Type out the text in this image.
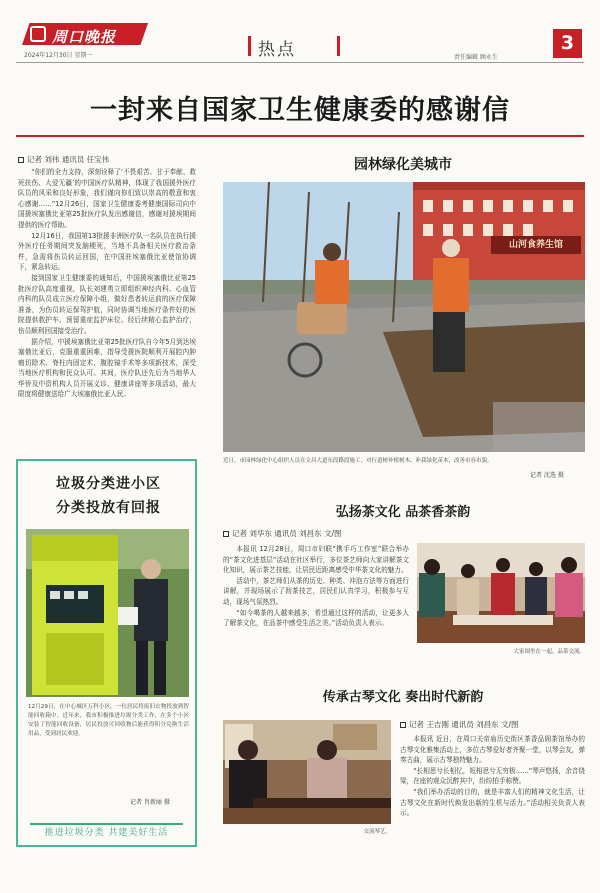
周口晚报
2024年12月30日 星期一	热点	责任编辑 顾永生
3
一封来自国家卫生健康委的感谢信
记者 刘伟 通讯员 任宝伟

“你们的全力支持，深刻诠释了‘不畏艰苦、甘于奉献、救死扶伤、大爱无疆’的中国医疗队精神，体现了我国援外医疗队员的风采和良好形象，我们谨向你们致以崇高的敬意和衷心感谢……”12月26日，国家卫生健康委考健康国际司向中国援埃塞俄比亚第25批医疗队发出感谢信，感谢对援埃期间提供的医疗帮助。

12月16日，我国第13批援非洲医疗队一名队员在执行援外医疗任务期间突发脑梗死，当地不具备相关医疗救治条件，急需将伤员转运回国，在中国驻埃塞俄比亚使馆协调下，紧急转运。

接到国家卫生健康委的通知后，中国援埃塞俄比亚第25批医疗队高度重视，队长刘建勇立即组织神经内科、心血管内科的队员成立医疗保障小组，做好患者转运前的医疗保障准备，为伤员转运保驾护航，同时协调当地医疗条件好的医院提供救护车、预留重症监护床位。经后续精心监护治疗，伤员顺利回国接受治疗。

据介绍，中援埃塞俄比亚第25批医疗队自今年5月到达埃塞俄比亚后，克服重重困难，指导受援医院顺利开展腔内肿瘤切除术、脊柱内固定术、腹腔镜手术等多项新技术，深受当地医疗机构和民众认可。其间，医疗队还先后为当地华人华侨及中资机构人员开展义诊、健康讲座等多项活动，最大限度将健康送给广大埃塞俄比亚人民。

园林绿化美城市
山河食养生馆
近日，市园林绿化中心组织人员在文昌大道东段路段施工，对行道树补植树木、补栽绿化苗木，改善市容市貌。
记者 沈选 摄
垃圾分类进小区
分类投放有回报
12月29日，在中心城区万科小区，一位居民将废旧衣物投放到智能回收箱中。近年来，我市积极推进垃圾分类工作，在多个小区安装了智能回收设备，居民投放可回收物后能获得积分兑换生活用品，受到居民欢迎。
记者 肖新丽 摄
推进垃圾分类 共建美好生活
弘扬茶文化 品茶香茶韵
记者 刘华东 通讯员 刘昌东 文/图

本报讯 12月28日，周口市妇联“携手巧工作室”联合举办的“茶文化进基层”活动在社区举行，多位茶艺师向大家讲解茶文化知识，展示茶艺技能，让居民近距离感受中华茶文化的魅力。

活动中，茶艺师们从茶的历史、种类、冲泡方法等方面进行讲解，并现场展示了沏茶技艺，居民们认真学习，积极参与互动，现场气氛热烈。

“如今喝茶的人越来越多，希望通过这样的活动，让更多人了解茶文化，在品茶中感受生活之美。”活动负责人表示。

大家围坐在一起，品茶交流。
传承古琴文化 奏出时代新韵
交流琴艺。
记者 王吉刚 通讯员 刘昌东 文/图

本报讯 近日，在周口关帝庙历史街区茶香品阁茶馆举办的古琴文化雅集活动上，多位古琴爱好者齐聚一堂，以琴会友，弹奏古曲，展示古琴独特魅力。

“长相思兮长相忆，短相思兮无穷极……”琴声悠扬，余音绕梁，在座的观众沉醉其中，纷纷拍手称赞。

“我们举办活动的目的，就是丰富人们的精神文化生活，让古琴文化在新时代焕发出新的生机与活力。”活动相关负责人表示。
